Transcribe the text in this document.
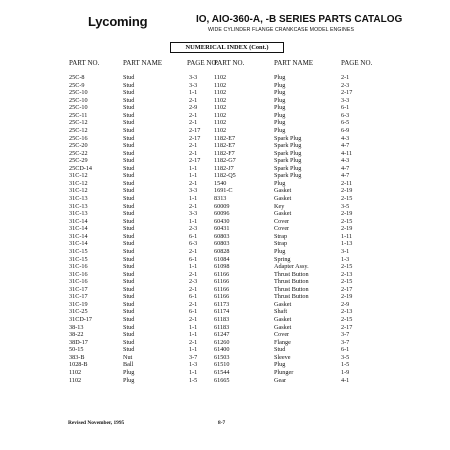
Lycoming	IO, AIO-360-A, -B SERIES PARTS CATALOG
WIDE CYLINDER FLANGE CRANKCASE MODEL ENGINES
NUMERICAL INDEX (Cont.)
PART NO.	PART NAME	PAGE NO.
PART NO.	PART NAME	PAGE NO.
25C-8	Stud	3-3	1102	Plug	2-1
25C-9	Stud	3-3	1102	Plug	2-3
25C-10	Stud	1-1	1102	Plug	2-17
25C-10	Stud	2-1	1102	Plug	3-3
25C-10	Stud	2-9	1102	Plug	6-1
25C-11	Stud	2-1	1102	Plug	6-3
25C-12	Stud	2-1	1102	Plug	6-5
25C-12	Stud	2-17 1102	Plug	6-9
25C-16	Stud	2-17 1182-E7	Spark Plug	4-3
25C-20	Stud	2-1	1182-E7	Spark Plug	4-7
25C-22	Stud	2-1	1182-F7	Spark Plug	4-11
25C-29	Stud	2-17 1182-G7	Spark Plug	4-3
25CD-14	Stud	1-1	1182-J7	Spark Plug	4-7
31C-12	Stud	1-1	1182-Q5	Spark Plug	4-7
31C-12	Stud	2-1	1540	Plug	2-11
31C-12	Stud	3-3	1691-C	Gasket	2-19
31C-13	Stud	1-1	8313	Gasket	2-15
31C-13	Stud	2-1	60009	Key	3-5
31C-13	Stud	3-3	60096	Gasket	2-19
31C-14	Stud	1-1	60430	Cover	2-15
31C-14	Stud	2-3	60431	Cover	2-19
31C-14	Stud	6-1	60803	Strap	1-11
31C-14	Stud	6-3	60803	Strap	1-13
31C-15	Stud	2-1	60828	Plug	3-1
31C-15	Stud	6-1	61084	Spring	1-3
31C-16	Stud	1-1	61098	Adapter Assy.	2-15
31C-16	Stud	2-1	61166	Thrust Button	2-13
31C-16	Stud	2-3	61166	Thrust Button	2-15
31C-17	Stud	2-1	61166	Thrust Button	2-17
31C-17	Stud	6-1	61166	Thrust Button	2-19
31C-19	Stud	2-1	61173	Gasket	2-9
31C-25	Stud	6-1	61174	Shaft	2-13
31CD-17	Stud	2-1	61183	Gasket	2-15
38-13	Stud	1-1	61183	Gasket	2-17
38-22	Stud	1-1	61247	Cover	3-7
38D-17	Stud	2-1	61260	Flange	3-7
50-15	Stud	1-1	61400	Stud	6-1
383-B	Nut	3-7	61503	Sleeve	3-5
1028-B	Ball	1-3	61510	Plug	1-5
1102	Plug	1-1	61544	Plunger	1-9
1102	Plug	1-5	61665	Gear	4-1
Revised November, 1995	8-7
